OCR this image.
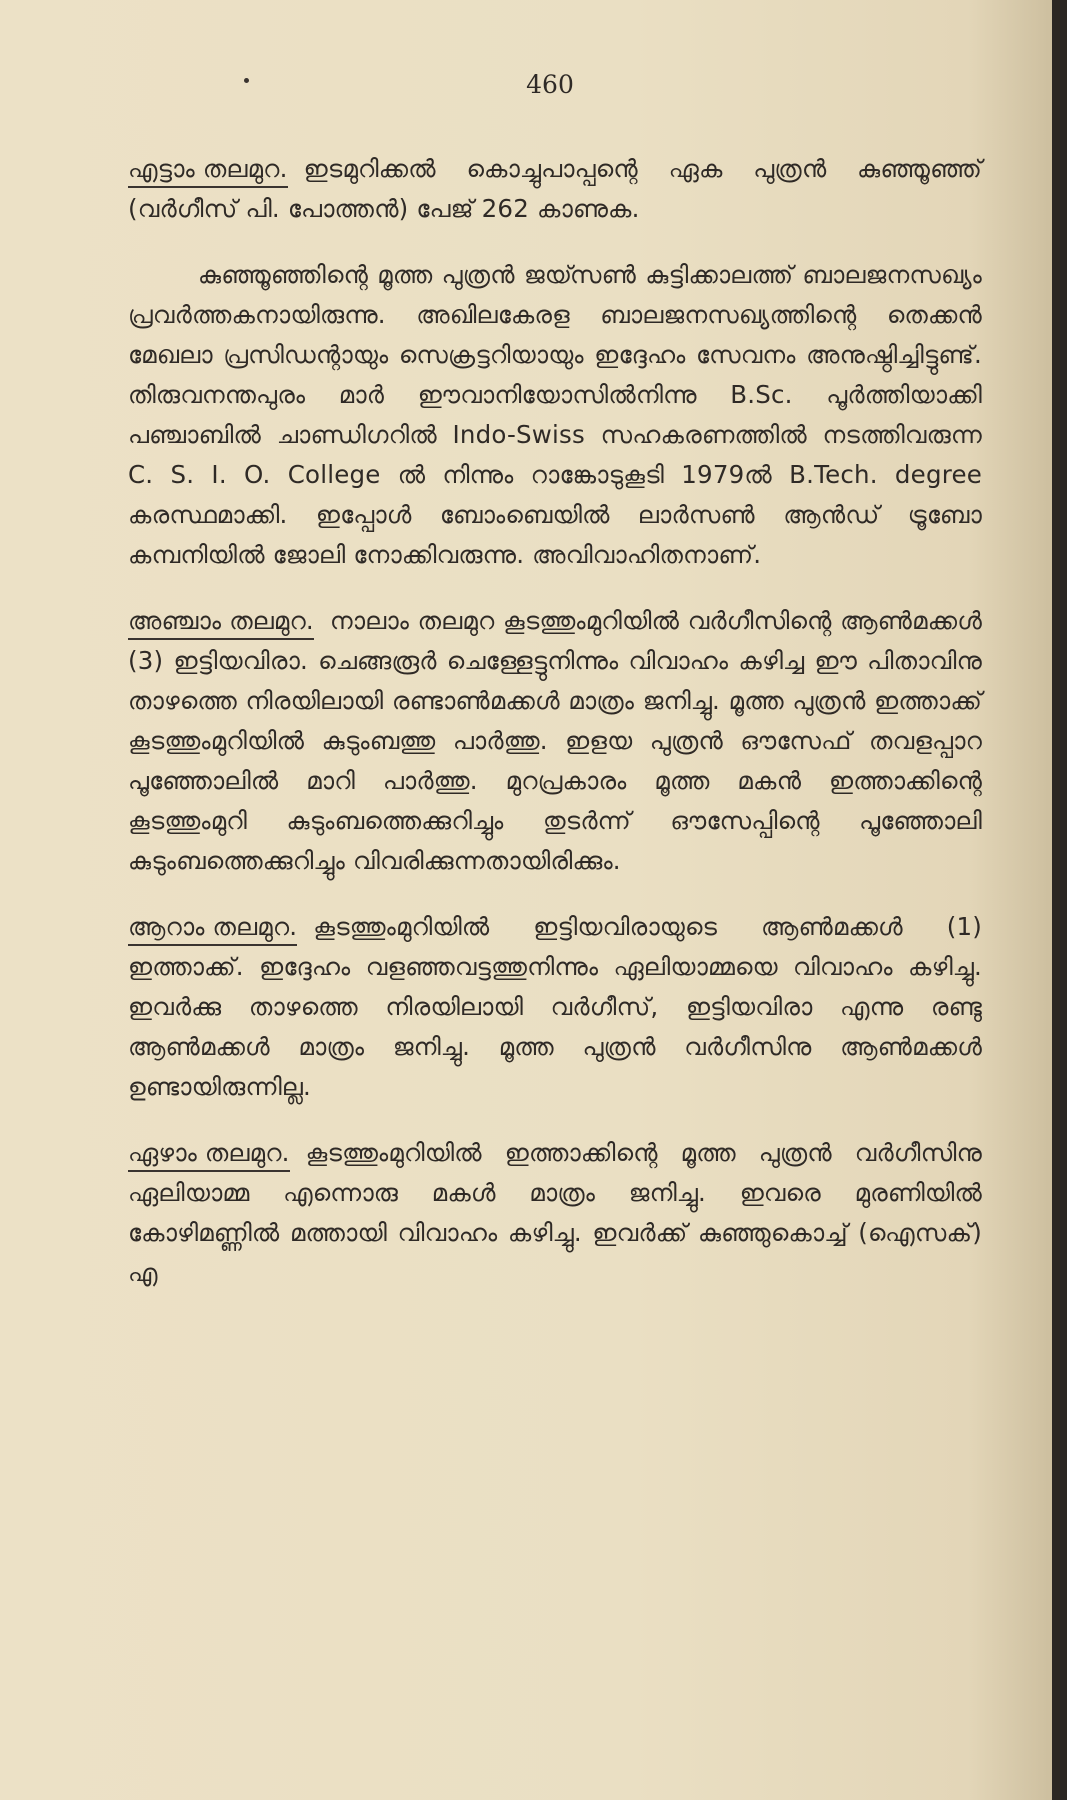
460

എട്ടാം തലമുറ. ഇടമുറിക്കൽ കൊച്ചുപാപ്പന്റെ ഏക പുത്രൻ കുഞ്ഞൂഞ്ഞ് (വർഗീസ് പി. പോത്തൻ) പേജ് 262 കാണുക.

കുഞ്ഞൂഞ്ഞിന്റെ മൂത്ത പുത്രൻ ജയ്സൺ കുട്ടിക്കാലത്ത് ബാലജനസഖ്യം പ്രവർത്തകനായിരുന്നു. അഖിലകേരള ബാലജനസഖ്യത്തിന്റെ തെക്കൻ മേഖലാ പ്രസിഡന്റായും സെക്രട്ടറിയായും ഇദ്ദേഹം സേവനം അനുഷ്ഠിച്ചിട്ടുണ്ട്. തിരുവനന്തപുരം മാർ ഈവാനിയോസിൽനിന്നു B.Sc. പൂർത്തിയാക്കി പഞ്ചാബിൽ ചാണ്ഡിഗറിൽ Indo-Swiss സഹകരണത്തിൽ നടത്തിവരുന്ന C. S. I. O. College ൽ നിന്നും റാങ്കോടുകൂടി 1979ൽ B.Tech. degree കരസ്ഥമാക്കി. ഇപ്പോൾ ബോംബെയിൽ ലാർസൺ ആൻഡ് ട്രൂബോ കമ്പനിയിൽ ജോലി നോക്കിവരുന്നു. അവിവാഹിതനാണ്.

അഞ്ചാം തലമുറ. നാലാം തലമുറ കൂടത്തുംമുറിയിൽ വർഗീസിന്റെ ആൺമക്കൾ (3) ഇട്ടിയവിരാ. ചെങ്ങരൂർ ചെള്ളേട്ടുനിന്നും വിവാഹം കഴിച്ച ഈ പിതാവിനു താഴത്തെ നിരയിലായി രണ്ടാൺമക്കൾ മാത്രം ജനിച്ചു. മൂത്ത പുത്രൻ ഇത്താക്ക് കൂടത്തുംമുറിയിൽ കുടുംബത്തു പാർത്തു. ഇളയ പുത്രൻ ഔസേഫ് തവളപ്പാറ പൂഞ്ഞോലിൽ മാറി പാർത്തു. മുറപ്രകാരം മൂത്ത മകൻ ഇത്താക്കിന്റെ കൂടത്തുംമുറി കുടുംബത്തെക്കുറിച്ചും തുടർന്ന് ഔസേപ്പിന്റെ പൂഞ്ഞോലി കുടുംബത്തെക്കുറിച്ചും വിവരിക്കുന്നതായിരിക്കും.

ആറാം തലമുറ. കൂടത്തുംമുറിയിൽ ഇട്ടിയവിരായുടെ ആൺമക്കൾ (1) ഇത്താക്ക്. ഇദ്ദേഹം വളഞ്ഞവട്ടത്തുനിന്നും ഏലിയാമ്മയെ വിവാഹം കഴിച്ചു. ഇവർക്കു താഴത്തെ നിരയിലായി വർഗീസ്, ഇട്ടിയവിരാ എന്നു രണ്ടു ആൺമക്കൾ മാത്രം ജനിച്ചു. മൂത്ത പുത്രൻ വർഗീസിനു ആൺമക്കൾ ഉണ്ടായിരുന്നില്ല.

ഏഴാം തലമുറ. കൂടത്തുംമുറിയിൽ ഇത്താക്കിന്റെ മൂത്ത പുത്രൻ വർഗീസിനു ഏലിയാമ്മ എന്നൊരു മകൾ മാത്രം ജനിച്ചു. ഇവരെ മുരണിയിൽ കോഴിമണ്ണിൽ മത്തായി വിവാഹം കഴിച്ചു. ഇവർക്ക് കുഞ്ഞുകൊച്ച് (ഐസക്) എ
